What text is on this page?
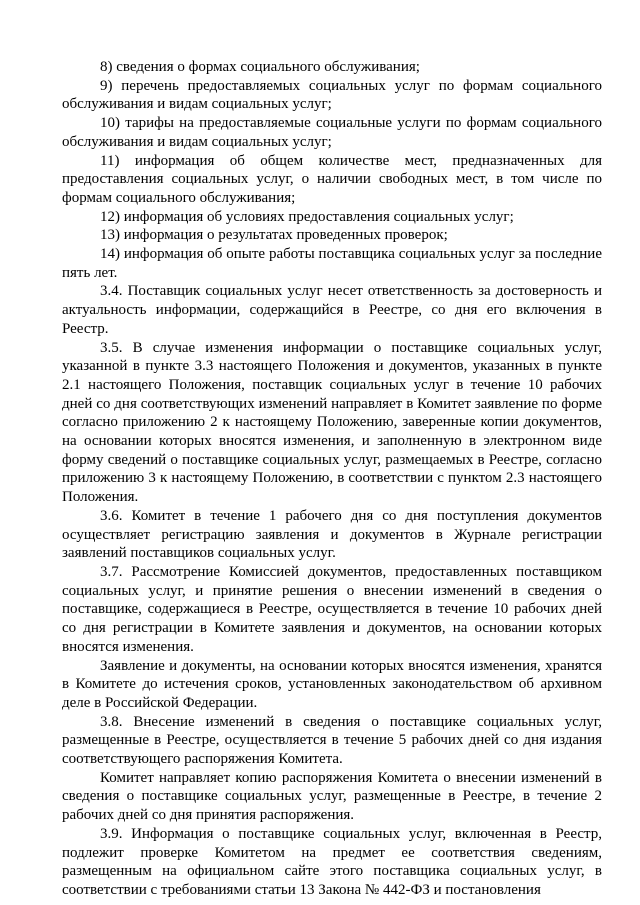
8) сведения о формах социального обслуживания;

9) перечень предоставляемых социальных услуг по формам социального обслуживания и видам социальных услуг;

10) тарифы на предоставляемые социальные услуги по формам социального обслуживания и видам социальных услуг;

11) информация об общем количестве мест, предназначенных для предоставления социальных услуг, о наличии свободных мест, в том числе по формам социального обслуживания;

12) информация об условиях предоставления социальных услуг;

13) информация о результатах проведенных проверок;

14) информация об опыте работы поставщика социальных услуг за последние пять лет.

3.4. Поставщик социальных услуг несет ответственность за достоверность и актуальность информации, содержащийся в Реестре, со дня его включения в Реестр.

3.5. В случае изменения информации о поставщике социальных услуг, указанной в пункте 3.3 настоящего Положения и документов, указанных в пункте 2.1 настоящего Положения, поставщик социальных услуг в течение 10 рабочих дней со дня соответствующих изменений направляет в Комитет заявление по форме согласно приложению 2 к настоящему Положению, заверенные копии документов, на основании которых вносятся изменения, и заполненную в электронном виде форму сведений о поставщике социальных услуг, размещаемых в Реестре, согласно приложению 3 к настоящему Положению, в соответствии с пунктом 2.3 настоящего Положения.

3.6. Комитет в течение 1 рабочего дня со дня поступления документов осуществляет регистрацию заявления и документов в Журнале регистрации заявлений поставщиков социальных услуг.

3.7. Рассмотрение Комиссией документов, предоставленных поставщиком социальных услуг, и принятие решения о внесении изменений в сведения о поставщике, содержащиеся в Реестре, осуществляется в течение 10 рабочих дней со дня регистрации в Комитете заявления и документов, на основании которых вносятся изменения.

Заявление и документы, на основании которых вносятся изменения, хранятся в Комитете до истечения сроков, установленных законодательством об архивном деле в Российской Федерации.

3.8. Внесение изменений в сведения о поставщике социальных услуг, размещенные в Реестре, осуществляется в течение 5 рабочих дней со дня издания соответствующего распоряжения Комитета.

Комитет направляет копию распоряжения Комитета о внесении изменений в сведения о поставщике социальных услуг, размещенные в Реестре, в течение 2 рабочих дней со дня принятия распоряжения.

3.9. Информация о поставщике социальных услуг, включенная в Реестр, подлежит проверке Комитетом на предмет ее соответствия сведениям, размещенным на официальном сайте этого поставщика социальных услуг, в соответствии с требованиями статьи 13 Закона № 442-ФЗ и постановления
